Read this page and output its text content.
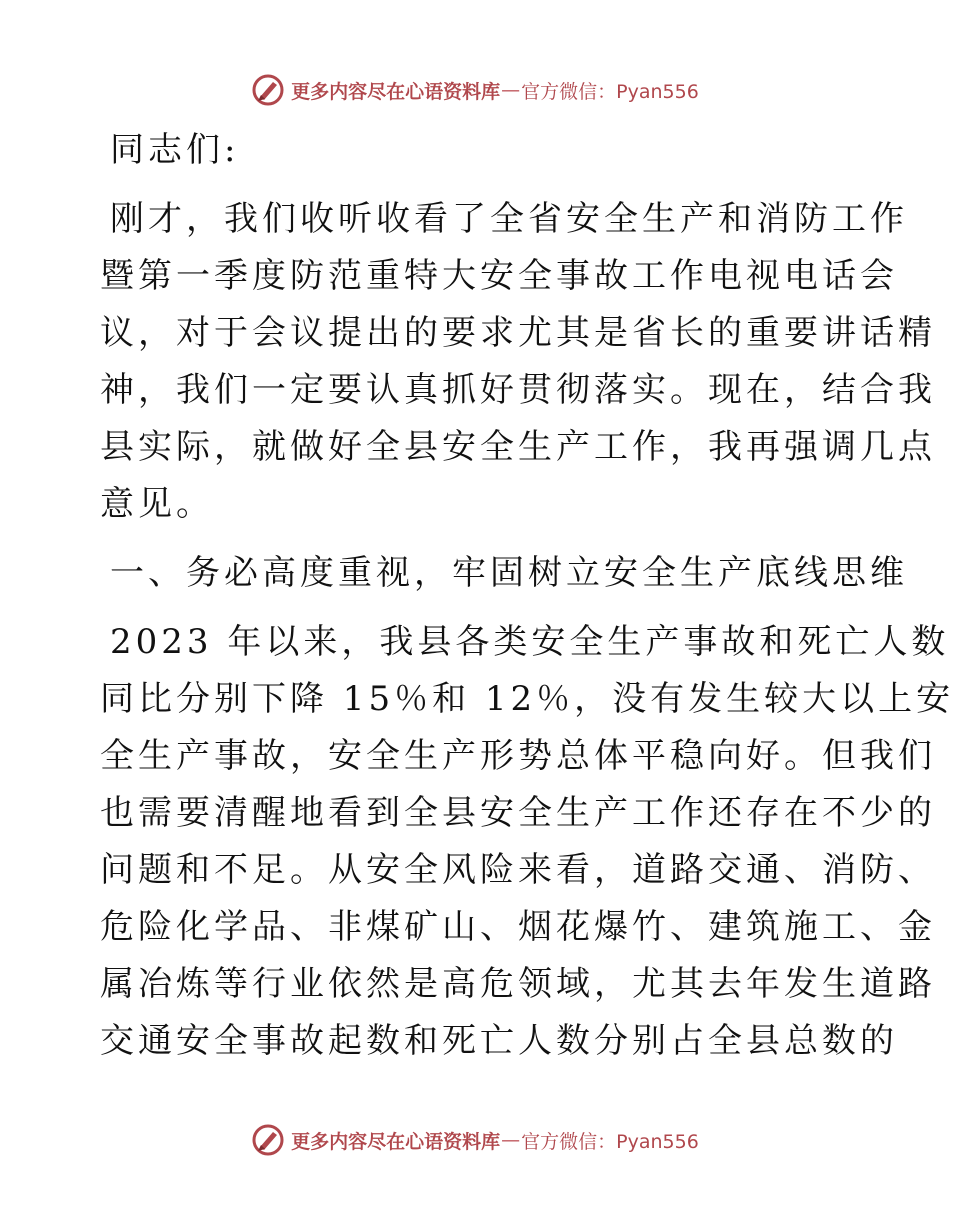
更多内容尽在心语资料库 — 官方微信：Pyan556
同志们:
刚才，我们收听收看了全省安全生产和消防工作
暨第一季度防范重特大安全事故工作电视电话会
议，对于会议提出的要求尤其是省长的重要讲话精
神，我们一定要认真抓好贯彻落实。现在，结合我
县实际，就做好全县安全生产工作，我再强调几点
意见。
一、务必高度重视，牢固树立安全生产底线思维
2023 年以来，我县各类安全生产事故和死亡人数
同比分别下降 15％和 12％，没有发生较大以上安
全生产事故，安全生产形势总体平稳向好。但我们
也需要清醒地看到全县安全生产工作还存在不少的
问题和不足。从安全风险来看，道路交通、消防、
危险化学品、非煤矿山、烟花爆竹、建筑施工、金
属冶炼等行业依然是高危领域，尤其去年发生道路
交通安全事故起数和死亡人数分别占全县总数的
更多内容尽在心语资料库 — 官方微信：Pyan556
